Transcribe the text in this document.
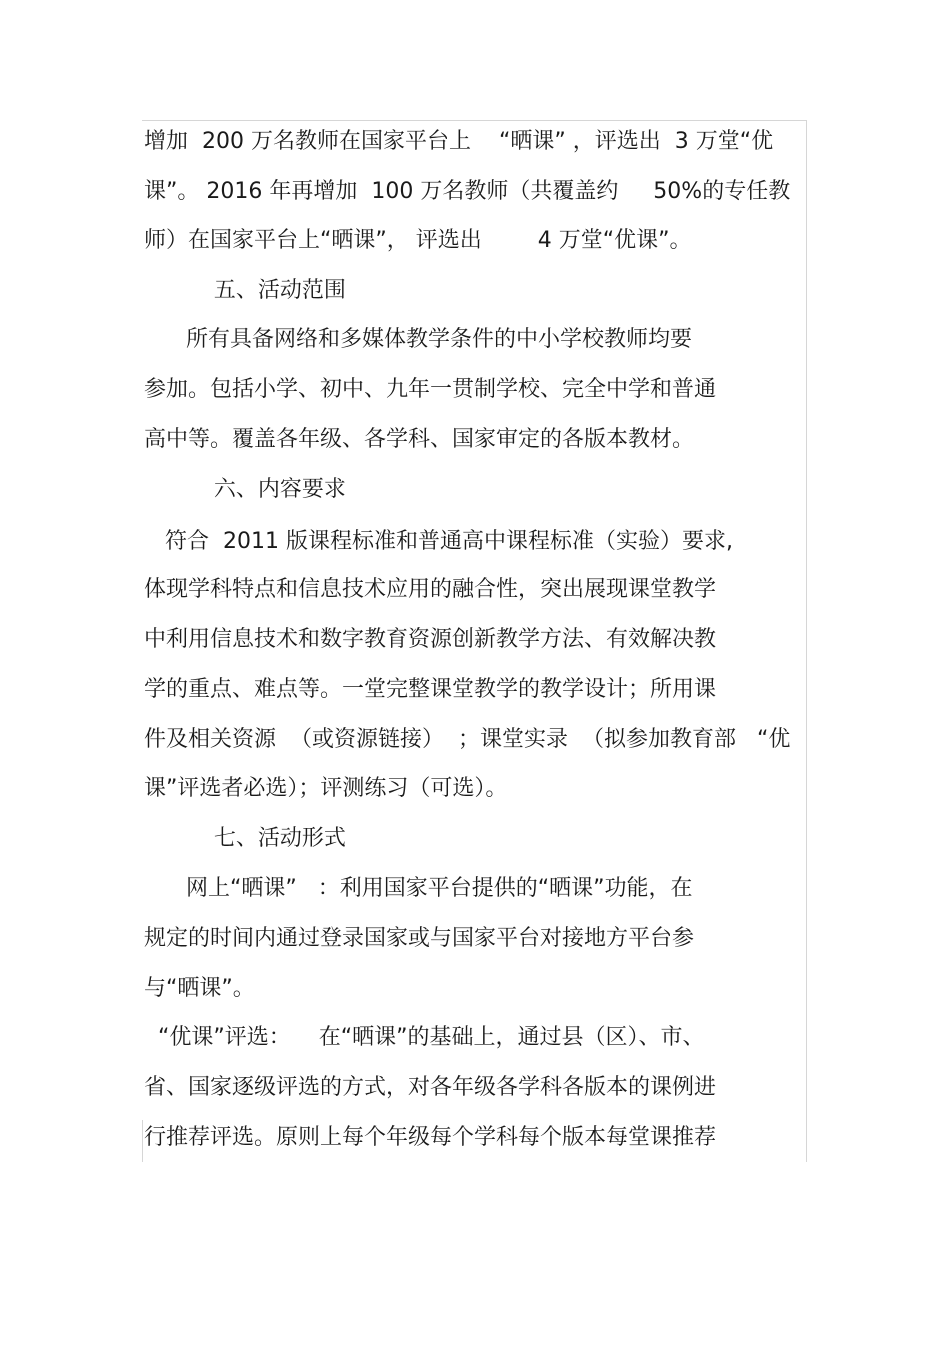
增加  200 万名教师在国家平台上    “晒课” ，评选出  3 万堂“优

课”。 2016 年再增加  100 万名教师（共覆盖约     50%的专任教

师）在国家平台上“晒课”， 评选出        4 万堂“优课”。

五、活动范围

所有具备网络和多媒体教学条件的中小学校教师均要

参加。包括小学、初中、九年一贯制学校、完全中学和普通

高中等。覆盖各年级、各学科、国家审定的各版本教材。

六、内容要求

符合  2011 版课程标准和普通高中课程标准（实验）要求,

体现学科特点和信息技术应用的融合性，突出展现课堂教学

中利用信息技术和数字教育资源创新教学方法、有效解决教

学的重点、难点等。一堂完整课堂教学的教学设计；所用课

件及相关资源  （或资源链接）  ；课堂实录  （拟参加教育部   “优

课”评选者必选）；评测练习（可选）。

七、活动形式

网上“晒课”   ：利用国家平台提供的“晒课”功能，在

规定的时间内通过登录国家或与国家平台对接地方平台参

与“晒课”。

“优课”评选：    在“晒课”的基础上，通过县（区）、市、

省、国家逐级评选的方式，对各年级各学科各版本的课例进

行推荐评选。原则上每个年级每个学科每个版本每堂课推荐
